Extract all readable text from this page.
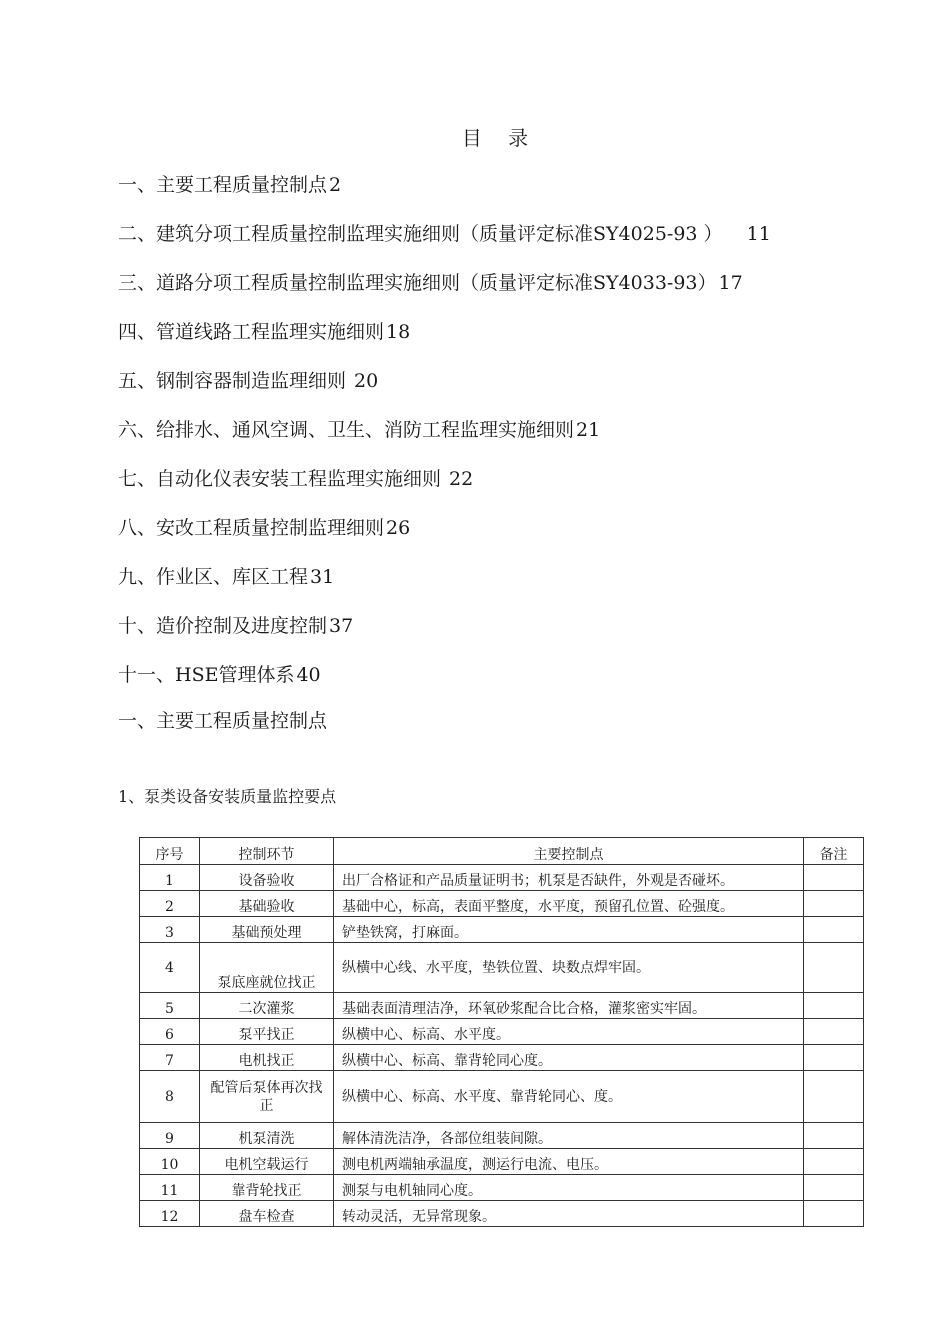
目 录
一、主要工程质量控制点 2
二、建筑分项工程质量控制监理实施细则（质量评定标准SY4025-93 ） 11
三、道路分项工程质量控制监理实施细则（质量评定标准SY4033-93） 17
四、管道线路工程监理实施细则 18
五、钢制容器制造监理细则 20
六、给排水、通风空调、卫生、消防工程监理实施细则 21
七、自动化仪表安装工程监理实施细则 22
八、安改工程质量控制监理细则 26
九、作业区、库区工程 31
十、造价控制及进度控制 37
十一、HSE管理体系 40
一、主要工程质量控制点
1、泵类设备安装质量监控要点
序号	控制环节	主要控制点	备注
1	设备验收	出厂合格证和产品质量证明书；机泵是否缺件，外观是否碰坏。	
2	基础验收	基础中心，标高，表面平整度，水平度，预留孔位置、砼强度。	
3	基础预处理	铲垫铁窝，打麻面。	
4	泵底座就位找正	纵横中心线、水平度，垫铁位置、块数点焊牢固。	
5	二次灌浆	基础表面清理洁净，环氧砂浆配合比合格，灌浆密实牢固。	
6	泵平找正	纵横中心、标高、水平度。	
7	电机找正	纵横中心、标高、靠背轮同心度。	
8	配管后泵体再次找正	纵横中心、标高、水平度、靠背轮同心、度。	
9	机泵清洗	解体清洗洁净，各部位组装间隙。	
10	电机空载运行	测电机两端轴承温度，测运行电流、电压。	
11	靠背轮找正	测泵与电机轴同心度。	
12	盘车检查	转动灵活，无异常现象。	
